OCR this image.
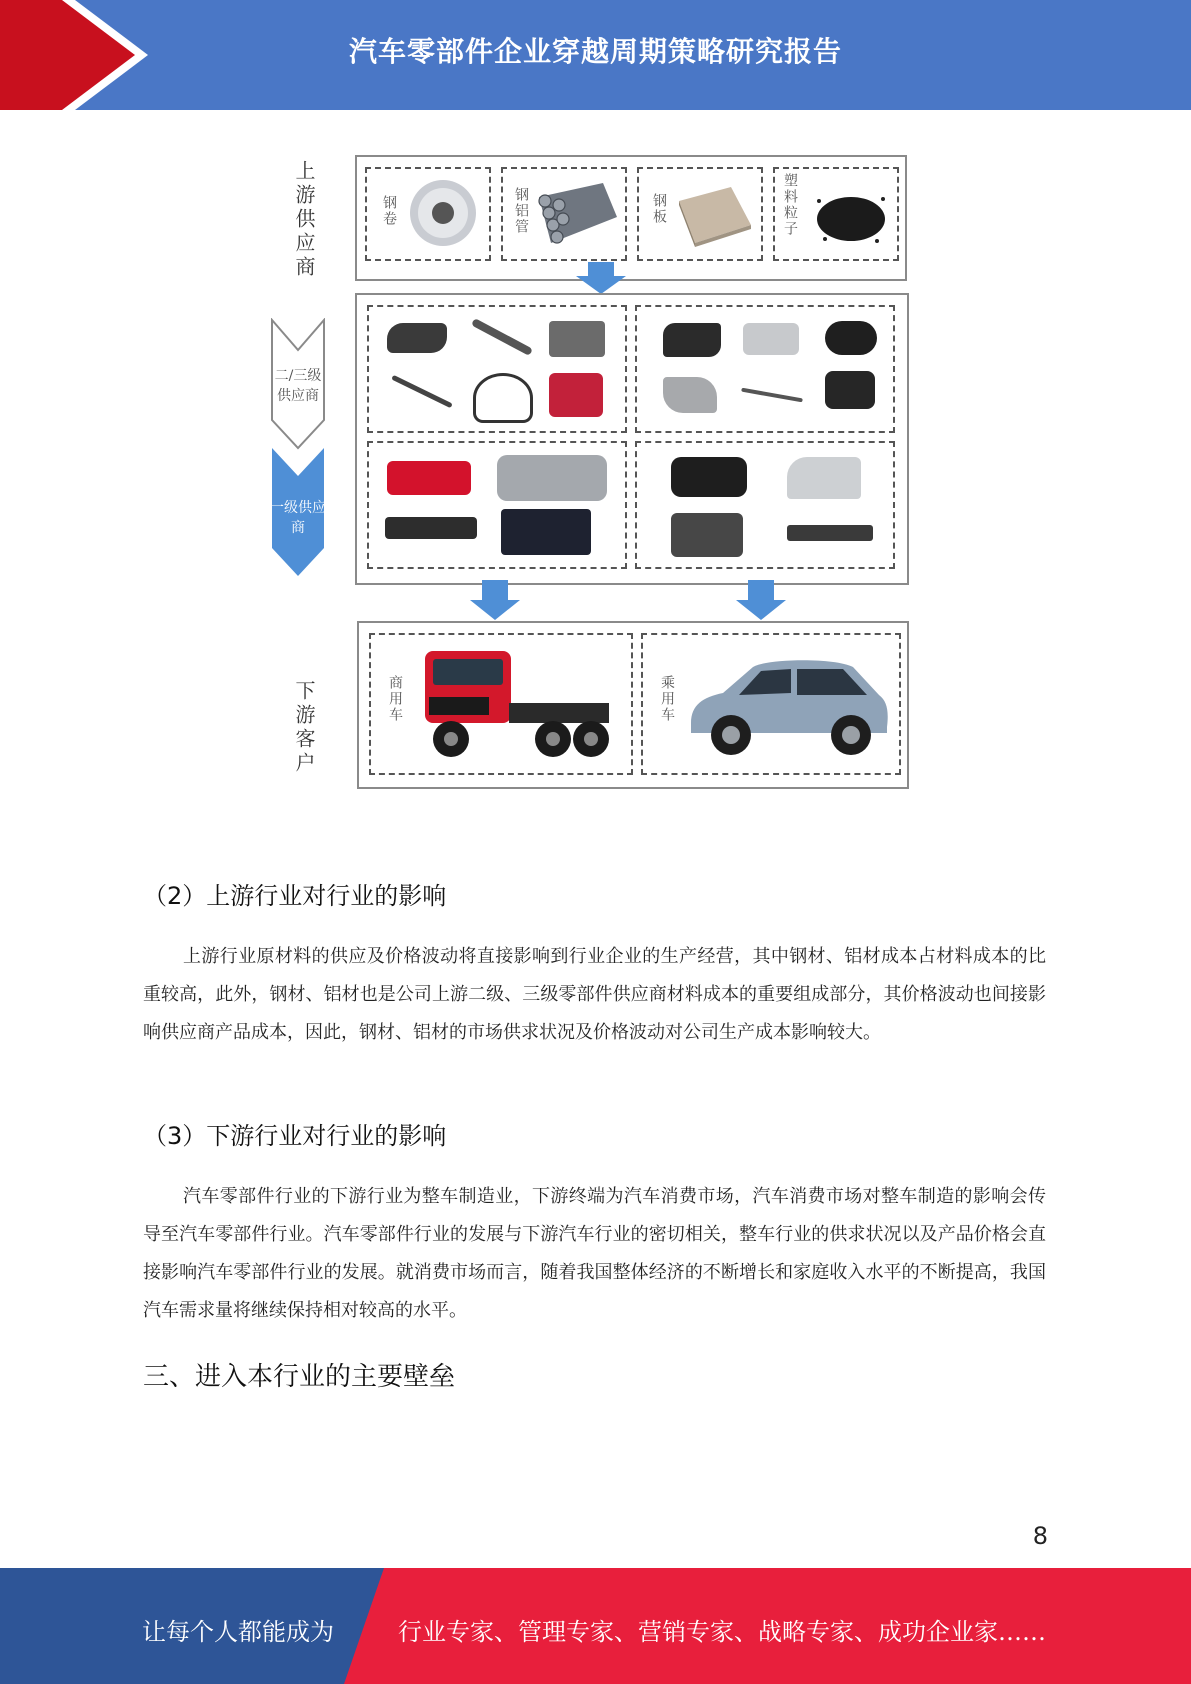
汽车零部件企业穿越周期策略研究报告
上游供应商	钢卷	钢铝管	钢板	塑料粒子
二/三级供应商
一级供应商
下游客户	商用车	乘用车
（2）上游行业对行业的影响
上游行业原材料的供应及价格波动将直接影响到行业企业的生产经营，其中钢材、铝材成本占材料成本的比重较高，此外，钢材、铝材也是公司上游二级、三级零部件供应商材料成本的重要组成部分，其价格波动也间接影响供应商产品成本，因此，钢材、铝材的市场供求状况及价格波动对公司生产成本影响较大。
（3）下游行业对行业的影响
汽车零部件行业的下游行业为整车制造业，下游终端为汽车消费市场，汽车消费市场对整车制造的影响会传导至汽车零部件行业。汽车零部件行业的发展与下游汽车行业的密切相关，整车行业的供求状况以及产品价格会直接影响汽车零部件行业的发展。就消费市场而言，随着我国整体经济的不断增长和家庭收入水平的不断提高，我国汽车需求量将继续保持相对较高的水平。
三、进入本行业的主要壁垒
8
让每个人都能成为	行业专家、管理专家、营销专家、战略专家、成功企业家……
